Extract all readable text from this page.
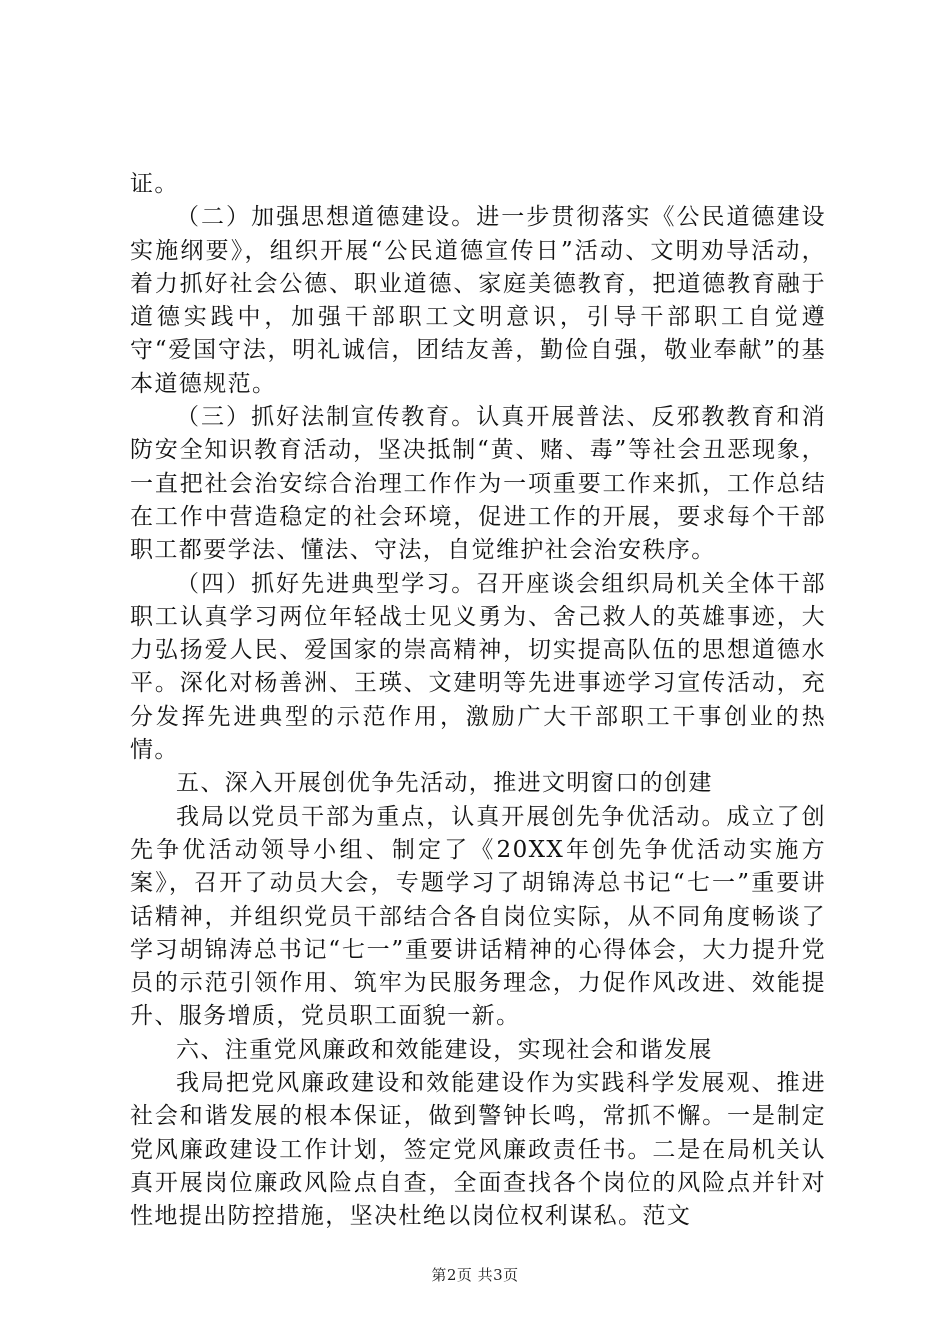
证。

（二）加强思想道德建设。进一步贯彻落实《公民道德建设实施纲要》，组织开展“公民道德宣传日”活动、文明劝导活动，着力抓好社会公德、职业道德、家庭美德教育，把道德教育融于道德实践中，加强干部职工文明意识，引导干部职工自觉遵守“爱国守法，明礼诚信，团结友善，勤俭自强，敬业奉献”的基本道德规范。

（三）抓好法制宣传教育。认真开展普法、反邪教教育和消防安全知识教育活动，坚决抵制“黄、赌、毒”等社会丑恶现象，一直把社会治安综合治理工作作为一项重要工作来抓，工作总结在工作中营造稳定的社会环境，促进工作的开展，要求每个干部职工都要学法、懂法、守法，自觉维护社会治安秩序。

（四）抓好先进典型学习。召开座谈会组织局机关全体干部职工认真学习两位年轻战士见义勇为、舍己救人的英雄事迹，大力弘扬爱人民、爱国家的崇高精神，切实提高队伍的思想道德水平。深化对杨善洲、王瑛、文建明等先进事迹学习宣传活动，充分发挥先进典型的示范作用，激励广大干部职工干事创业的热情。

五、深入开展创优争先活动，推进文明窗口的创建

我局以党员干部为重点，认真开展创先争优活动。成立了创先争优活动领导小组、制定了《20XX年创先争优活动实施方案》，召开了动员大会，专题学习了胡锦涛总书记“七一”重要讲话精神，并组织党员干部结合各自岗位实际，从不同角度畅谈了学习胡锦涛总书记“七一”重要讲话精神的心得体会，大力提升党员的示范引领作用、筑牢为民服务理念，力促作风改进、效能提升、服务增质，党员职工面貌一新。

六、注重党风廉政和效能建设，实现社会和谐发展

我局把党风廉政建设和效能建设作为实践科学发展观、推进社会和谐发展的根本保证，做到警钟长鸣，常抓不懈。一是制定党风廉政建设工作计划，签定党风廉政责任书。二是在局机关认真开展岗位廉政风险点自查，全面查找各个岗位的风险点并针对性地提出防控措施，坚决杜绝以岗位权利谋私。范文

第2页 共3页
